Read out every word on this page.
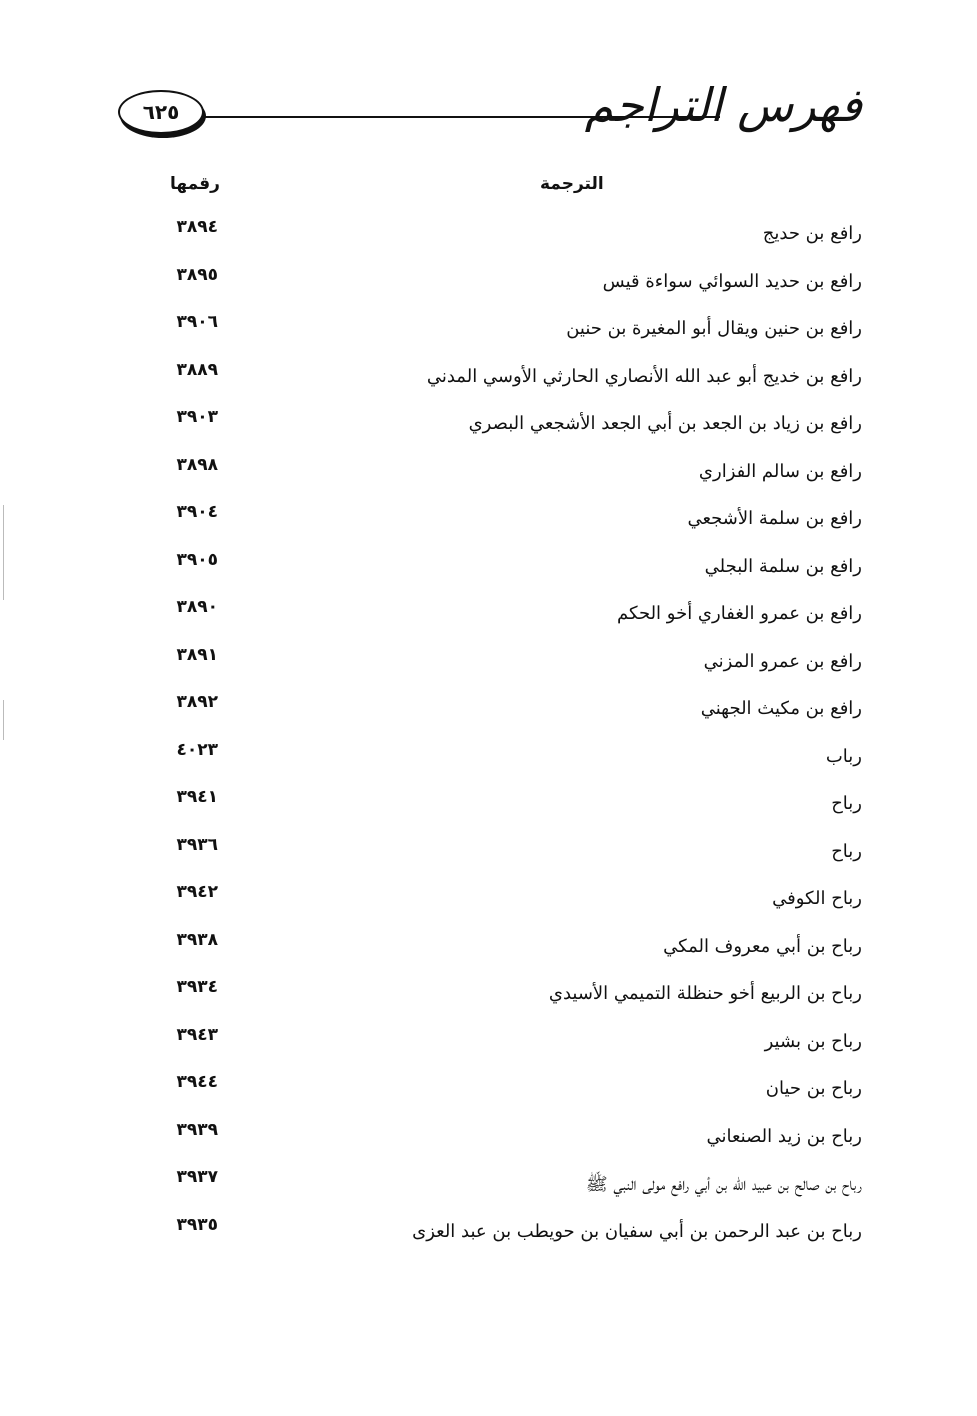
٦٢٥	فهرس التراجم
الترجمة
رقمها
رافع بن حديج
٣٨٩٤
رافع بن حديد السوائي سواءة قيس
٣٨٩٥
رافع بن حنين ويقال أبو المغيرة بن حنين
٣٩٠٦
رافع بن خديج أبو عبد الله الأنصاري الحارثي الأوسي المدني
٣٨٨٩
رافع بن زياد بن الجعد بن أبي الجعد الأشجعي البصري
٣٩٠٣
رافع بن سالم الفزاري
٣٨٩٨
رافع بن سلمة الأشجعي
٣٩٠٤
رافع بن سلمة البجلي
٣٩٠٥
رافع بن عمرو الغفاري أخو الحكم
٣٨٩٠
رافع بن عمرو المزني
٣٨٩١
رافع بن مكيث الجهني
٣٨٩٢
رباب
٤٠٢٣
رباح
٣٩٤١
رباح
٣٩٣٦
رباح الكوفي
٣٩٤٢
رباح بن أبي معروف المكي
٣٩٣٨
رباح بن الربيع أخو حنظلة التميمي الأسيدي
٣٩٣٤
رباح بن بشير
٣٩٤٣
رباح بن حيان
٣٩٤٤
رباح بن زيد الصنعاني
٣٩٣٩
رباح بن صالح بن عبيد الله بن أبي رافع مولى النبي ﷺ
٣٩٣٧
رباح بن عبد الرحمن بن أبي سفيان بن حويطب بن عبد العزى
٣٩٣٥
